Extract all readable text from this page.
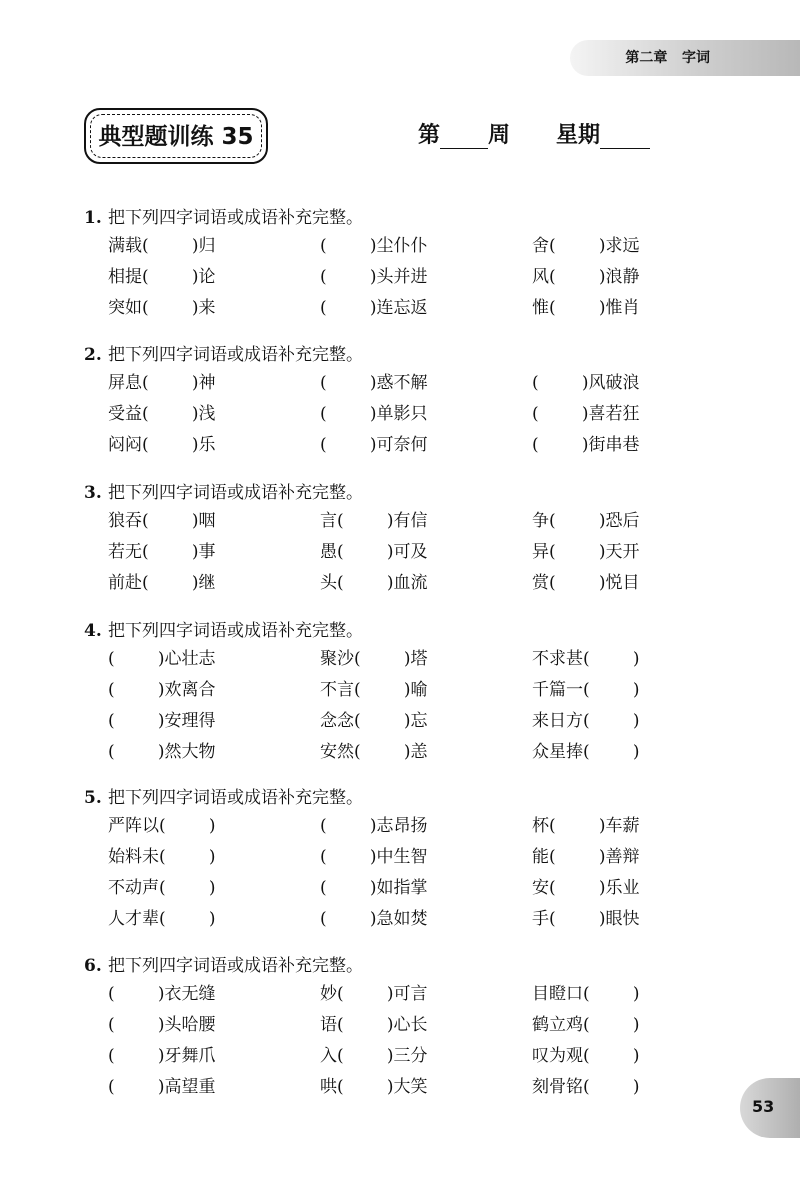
第二章   字词
典型题训练 35	第 周      星期
1. 把下列四字词语或成语补充完整。
满载(        )归	(        )尘仆仆	舍(        )求远
相提(        )论	(        )头并进	风(        )浪静
突如(        )来	(        )连忘返	惟(        )惟肖
2. 把下列四字词语或成语补充完整。
屏息(        )神	(        )惑不解	(        )风破浪
受益(        )浅	(        )单影只	(        )喜若狂
闷闷(        )乐	(        )可奈何	(        )街串巷
3. 把下列四字词语或成语补充完整。
狼吞(        )咽	言(        )有信	争(        )恐后
若无(        )事	愚(        )可及	异(        )天开
前赴(        )继	头(        )血流	赏(        )悦目
4. 把下列四字词语或成语补充完整。
(        )心壮志	聚沙(        )塔	不求甚(        )
(        )欢离合	不言(        )喻	千篇一(        )
(        )安理得	念念(        )忘	来日方(        )
(        )然大物	安然(        )恙	众星捧(        )
5. 把下列四字词语或成语补充完整。
严阵以(        )	(        )志昂扬	杯(        )车薪
始料未(        )	(        )中生智	能(        )善辩
不动声(        )	(        )如指掌	安(        )乐业
人才辈(        )	(        )急如焚	手(        )眼快
6. 把下列四字词语或成语补充完整。
(        )衣无缝	妙(        )可言	目瞪口(        )
(        )头哈腰	语(        )心长	鹤立鸡(        )
(        )牙舞爪	入(        )三分	叹为观(        )
(        )高望重	哄(        )大笑	刻骨铭(        )
53
